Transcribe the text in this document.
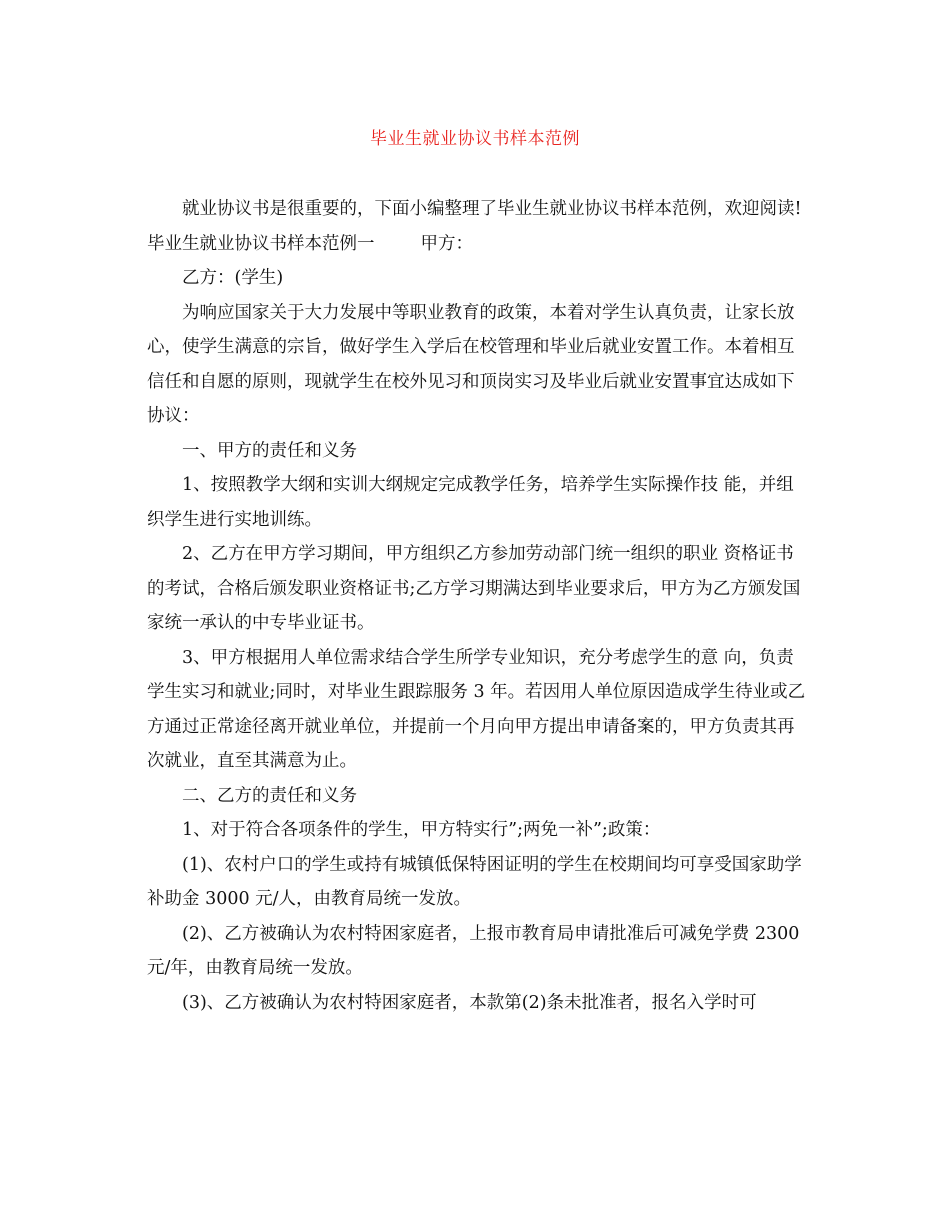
毕业生就业协议书样本范例

就业协议书是很重要的，下面小编整理了毕业生就业协议书样本范例，欢迎阅读!

毕业生就业协议书样本范例一	甲方：

乙方：(学生)

为响应国家关于大力发展中等职业教育的政策，本着对学生认真负责，让家长放心，使学生满意的宗旨，做好学生入学后在校管理和毕业后就业安置工作。本着相互信任和自愿的原则，现就学生在校外见习和顶岗实习及毕业后就业安置事宜达成如下协议：

一、甲方的责任和义务

1、按照教学大纲和实训大纲规定完成教学任务，培养学生实际操作技 能，并组织学生进行实地训练。

2、乙方在甲方学习期间，甲方组织乙方参加劳动部门统一组织的职业 资格证书的考试，合格后颁发职业资格证书;乙方学习期满达到毕业要求后，甲方为乙方颁发国家统一承认的中专毕业证书。

3、甲方根据用人单位需求结合学生所学专业知识，充分考虑学生的意 向，负责学生实习和就业;同时，对毕业生跟踪服务 3 年。若因用人单位原因造成学生待业或乙方通过正常途径离开就业单位，并提前一个月向甲方提出申请备案的，甲方负责其再次就业，直至其满意为止。

二、乙方的责任和义务

1、对于符合各项条件的学生，甲方特实行”;两免一补”;政策：

(1)、农村户口的学生或持有城镇低保特困证明的学生在校期间均可享受国家助学补助金 3000 元/人，由教育局统一发放。

(2)、乙方被确认为农村特困家庭者，上报市教育局申请批准后可减免学费 2300 元/年，由教育局统一发放。

(3)、乙方被确认为农村特困家庭者，本款第(2)条未批准者，报名入学时可
